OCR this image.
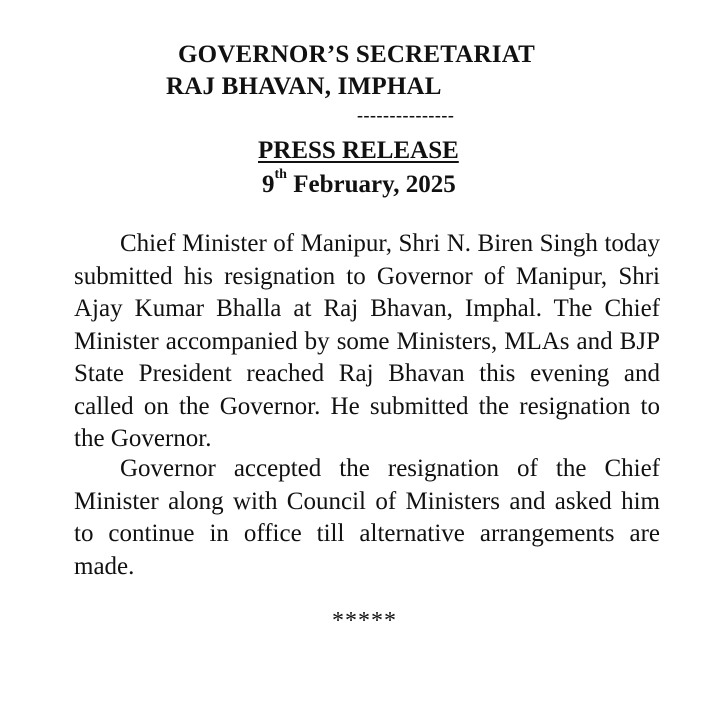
GOVERNOR’S SECRETARIAT
RAJ BHAVAN, IMPHAL
---------------
PRESS RELEASE
9th February, 2025

Chief Minister of Manipur, Shri N. Biren Singh today submitted his resignation to Governor of Manipur, Shri Ajay Kumar Bhalla at Raj Bhavan, Imphal. The Chief Minister accompanied by some Ministers, MLAs and BJP State President reached Raj Bhavan this evening and called on the Governor. He submitted the resignation to the Governor.

Governor accepted the resignation of the Chief Minister along with Council of Ministers and asked him to continue in office till alternative arrangements are made.

*****
